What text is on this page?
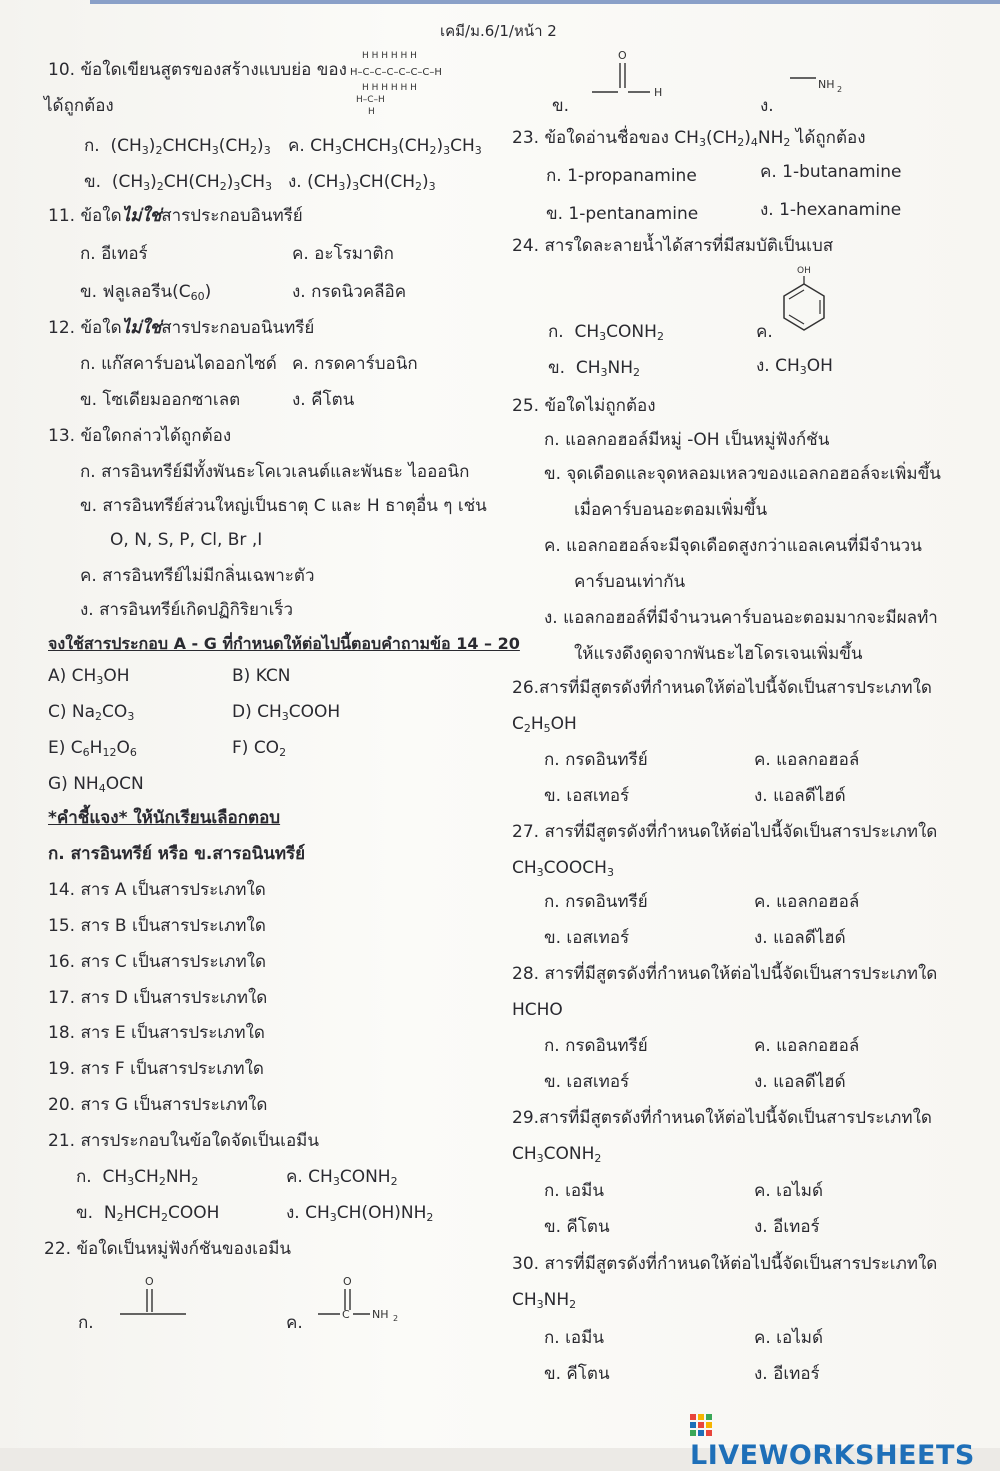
เคมี/ม.6/1/หน้า 2
10. ข้อใดเขียนสูตรของสร้างแบบย่อ ของ
H H H H H H
H–C–C–C–C–C–C–H
H H H H H H
H–C–H
H
ได้ถูกต้อง
ก.  $(CH_3)_2CHCH_3(CH_2)_3$ ค. $CH_3CHCH_3(CH_2)_3CH_3$
ข.  $(CH_3)_2CH(CH_2)_3CH_3$ ง. $(CH_3)_3CH(CH_2)_3$
11. ข้อใดไม่ใช่สารประกอบอินทรีย์
ก. อีเทอร์	ค. อะโรมาติก
ข. ฟลูเลอรีน$(C_{60})$	ง. กรดนิวคลีอิค
12. ข้อใดไม่ใช่สารประกอบอนินทรีย์
ก. แก๊สคาร์บอนไดออกไซด์ ค. กรดคาร์บอนิก
ข. โซเดียมออกซาเลต	ง. คีโตน
13. ข้อใดกล่าวได้ถูกต้อง
ก. สารอินทรีย์มีทั้งพันธะโคเวเลนต์และพันธะ ไอออนิก
ข. สารอินทรีย์ส่วนใหญ่เป็นธาตุ C และ H ธาตุอื่น ๆ เช่น
O, N, S, P, Cl, Br ,I
ค. สารอินทรีย์ไม่มีกลิ่นเฉพาะตัว
ง. สารอินทรีย์เกิดปฏิกิริยาเร็ว
จงใช้สารประกอบ A - G ที่กำหนดให้ต่อไปนี้ตอบคำถามข้อ 14 – 20
A) $CH_3OH$	B) KCN
C) $Na_2CO_3$	D) $CH_3COOH$
E) $C_6H_{12}O_6$	F) $CO_2$
G) $NH_4OCN$
*คำชี้แจง* ให้นักเรียนเลือกตอบ
ก. สารอินทรีย์ หรือ ข.สารอนินทรีย์
14. สาร A เป็นสารประเภทใด
15. สาร B เป็นสารประเภทใด
16. สาร C เป็นสารประเภทใด
17. สาร D เป็นสารประเภทใด
18. สาร E เป็นสารประเภทใด
19. สาร F เป็นสารประเภทใด
20. สาร G เป็นสารประเภทใด
21. สารประกอบในข้อใดจัดเป็นเอมีน
ก.  $CH_3CH_2NH_2$	ค. $CH_3CONH_2$
ข.  $N_2HCH_2COOH$	ง. $CH_3CH(OH)NH_2$
22. ข้อใดเป็นหมู่ฟังก์ชันของเอมีน
ก.
O
ค.
O
C NH 2
ข.
O
H
ง.
NH 2
23. ข้อใดอ่านชื่อของ $CH_3(CH_2)_4NH_2$ ได้ถูกต้อง
ก. 1-propanamine	ค. 1-butanamine
ข. 1-pentanamine	ง. 1-hexanamine
24. สารใดละลายน้ำได้สารที่มีสมบัติเป็นเบส
ก.  $CH_3CONH_2$	ค.
OH
ข.  $CH_3NH_2$	ง. $CH_3OH$
25. ข้อใดไม่ถูกต้อง
ก. แอลกอฮอล์มีหมู่ -OH เป็นหมู่ฟังก์ชัน
ข. จุดเดือดและจุดหลอมเหลวของแอลกอฮอล์จะเพิ่มขึ้น
เมื่อคาร์บอนอะตอมเพิ่มขึ้น
ค. แอลกอฮอล์จะมีจุดเดือดสูงกว่าแอลเคนที่มีจำนวน
คาร์บอนเท่ากัน
ง. แอลกอฮอล์ที่มีจำนวนคาร์บอนอะตอมมากจะมีผลทำ
ให้แรงดึงดูดจากพันธะไฮโดรเจนเพิ่มขึ้น
26.สารที่มีสูตรดังที่กำหนดให้ต่อไปนี้จัดเป็นสารประเภทใด
$C_2H_5OH$
ก. กรดอินทรีย์	ค. แอลกอฮอล์
ข. เอสเทอร์	ง. แอลดีไฮด์
27. สารที่มีสูตรดังที่กำหนดให้ต่อไปนี้จัดเป็นสารประเภทใด
$CH_3COOCH_3$
ก. กรดอินทรีย์	ค. แอลกอฮอล์
ข. เอสเทอร์	ง. แอลดีไฮด์
28. สารที่มีสูตรดังที่กำหนดให้ต่อไปนี้จัดเป็นสารประเภทใด
HCHO
ก. กรดอินทรีย์	ค. แอลกอฮอล์
ข. เอสเทอร์	ง. แอลดีไฮด์
29.สารที่มีสูตรดังที่กำหนดให้ต่อไปนี้จัดเป็นสารประเภทใด
$CH_3CONH_2$
ก. เอมีน	ค. เอไมด์
ข. คีโตน	ง. อีเทอร์
30. สารที่มีสูตรดังที่กำหนดให้ต่อไปนี้จัดเป็นสารประเภทใด
$CH_3NH_2$
ก. เอมีน	ค. เอไมด์
ข. คีโตน	ง. อีเทอร์
LIVEWORKSHEETS
